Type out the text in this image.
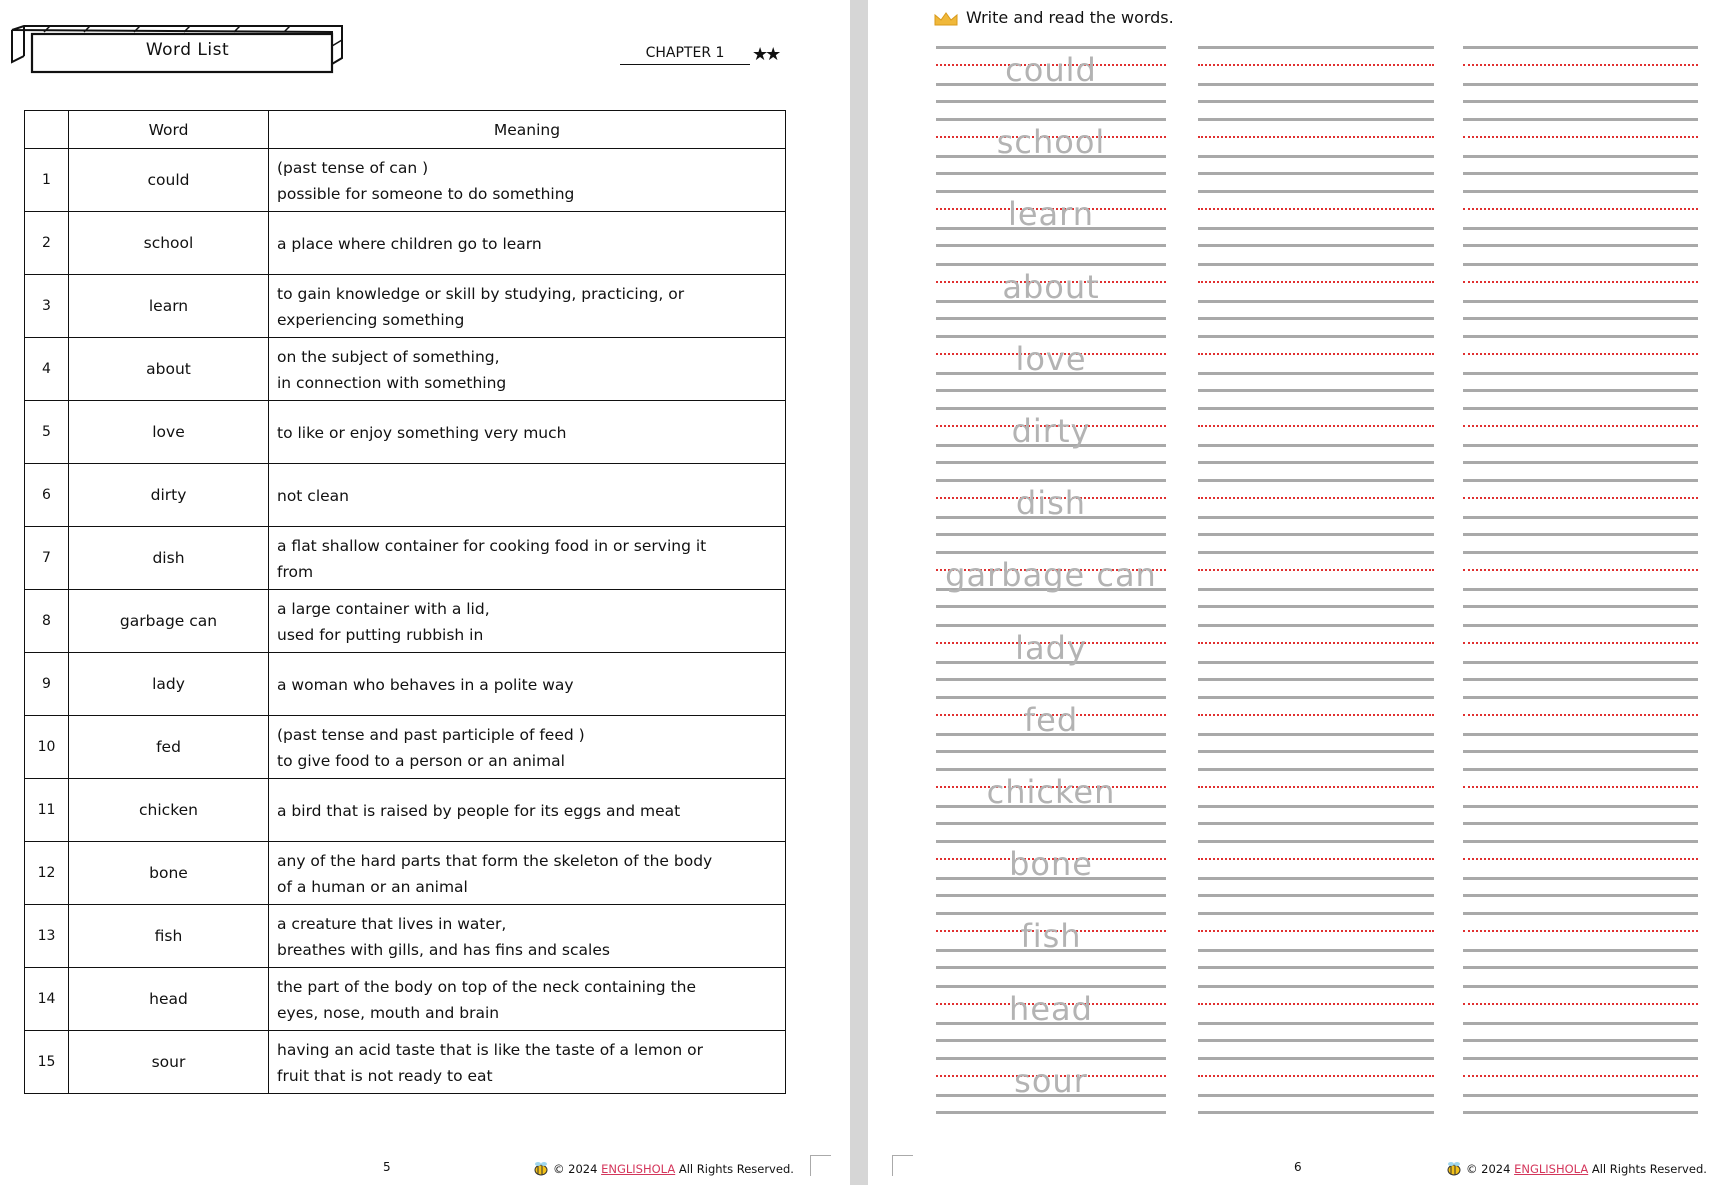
Word List	CHAPTER 1	★★
	Word	Meaning
1	could	(past tense of can )
possible for someone to do something

2	school	a place where children go to learn

3	learn	to gain knowledge or skill by studying, practicing, or
experiencing something

4	about	on the subject of something,
in connection with something

5	love	to like or enjoy something very much

6	dirty	not clean

7	dish	a flat shallow container for cooking food in or serving it
from

8	garbage can	a large container with a lid,
used for putting rubbish in

9	lady	a woman who behaves in a polite way

10	fed	(past tense and past participle of feed )
to give food to a person or an animal

11	chicken	a bird that is raised by people for its eggs and meat

12	bone	any of the hard parts that form the skeleton of the body
of a human or an animal

13	fish	a creature that lives in water,
breathes with gills, and has fins and scales

14	head	the part of the body on top of the neck containing the
eyes, nose, mouth and brain

15	sour	having an acid taste that is like the taste of a lemon or
fruit that is not ready to eat
5	© 2024 ENGLISHOLA All Rights Reserved.
Write and read the words.
could
school
learn
about
love
dirty
dish
garbage can
lady
fed
chicken
bone
fish
head
sour
6	© 2024 ENGLISHOLA All Rights Reserved.
